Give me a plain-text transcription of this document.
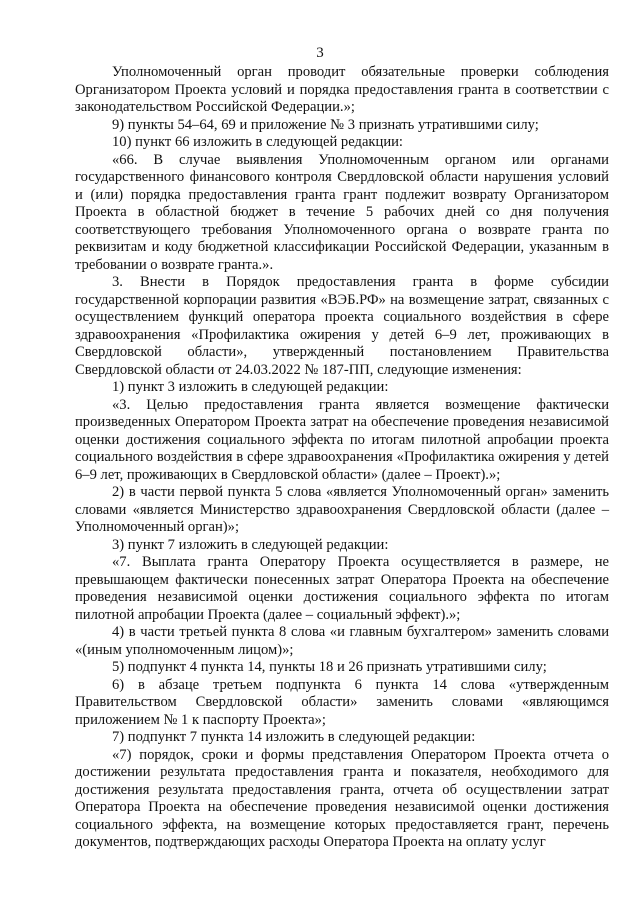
3

Уполномоченный орган проводит обязательные проверки соблюдения Организатором Проекта условий и порядка предоставления гранта в соответствии с законодательством Российской Федерации.»;

9) пункты 54–64, 69 и приложение № 3 признать утратившими силу;

10) пункт 66 изложить в следующей редакции:

«66. В случае выявления Уполномоченным органом или органами государственного финансового контроля Свердловской области нарушения условий и (или) порядка предоставления гранта грант подлежит возврату Организатором Проекта в областной бюджет в течение 5 рабочих дней со дня получения соответствующего требования Уполномоченного органа о возврате гранта по реквизитам и коду бюджетной классификации Российской Федерации, указанным в требовании о возврате гранта.».

3. Внести в Порядок предоставления гранта в форме субсидии государственной корпорации развития «ВЭБ.РФ» на возмещение затрат, связанных с осуществлением функций оператора проекта социального воздействия в сфере здравоохранения «Профилактика ожирения у детей 6–9 лет, проживающих в Свердловской области», утвержденный постановлением Правительства Свердловской области от 24.03.2022 № 187-ПП, следующие изменения:

1) пункт 3 изложить в следующей редакции:

«3. Целью предоставления гранта является возмещение фактически произведенных Оператором Проекта затрат на обеспечение проведения независимой оценки достижения социального эффекта по итогам пилотной апробации проекта социального воздействия в сфере здравоохранения «Профилактика ожирения у детей 6–9 лет, проживающих в Свердловской области» (далее – Проект).»;

2) в части первой пункта 5 слова «является Уполномоченный орган» заменить словами «является Министерство здравоохранения Свердловской области (далее – Уполномоченный орган)»;

3) пункт 7 изложить в следующей редакции:

«7. Выплата гранта Оператору Проекта осуществляется в размере, не превышающем фактически понесенных затрат Оператора Проекта на обеспечение проведения независимой оценки достижения социального эффекта по итогам пилотной апробации Проекта (далее – социальный эффект).»;

4) в части третьей пункта 8 слова «и главным бухгалтером» заменить словами «(иным уполномоченным лицом)»;

5) подпункт 4 пункта 14, пункты 18 и 26 признать утратившими силу;

6) в абзаце третьем подпункта 6 пункта 14 слова «утвержденным Правительством Свердловской области» заменить словами «являющимся приложением № 1 к паспорту Проекта»;

7) подпункт 7 пункта 14 изложить в следующей редакции:

«7) порядок, сроки и формы представления Оператором Проекта отчета о достижении результата предоставления гранта и показателя, необходимого для достижения результата предоставления гранта, отчета об осуществлении затрат Оператора Проекта на обеспечение проведения независимой оценки достижения социального эффекта, на возмещение которых предоставляется грант, перечень документов, подтверждающих расходы Оператора Проекта на оплату услуг
